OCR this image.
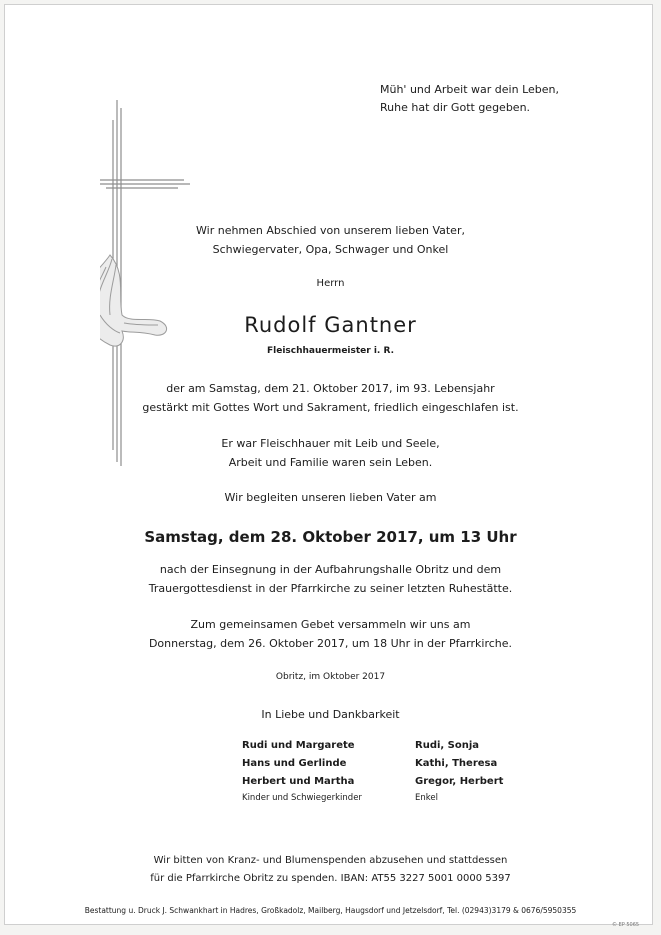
Müh' und Arbeit war dein Leben,
Ruhe hat dir Gott gegeben.
Wir nehmen Abschied von unserem lieben Vater,
Schwiegervater, Opa, Schwager und Onkel
Herrn
Rudolf Gantner
Fleischhauermeister i. R.
der am Samstag, dem 21. Oktober 2017, im 93. Lebensjahr
gestärkt mit Gottes Wort und Sakrament, friedlich eingeschlafen ist.
Er war Fleischhauer mit Leib und Seele,
Arbeit und Familie waren sein Leben.
Wir begleiten unseren lieben Vater am
Samstag, dem 28. Oktober 2017, um 13 Uhr
nach der Einsegnung in der Aufbahrungshalle Obritz und dem
Trauergottesdienst in der Pfarrkirche zu seiner letzten Ruhestätte.
Zum gemeinsamen Gebet versammeln wir uns am
Donnerstag, dem 26. Oktober 2017, um 18 Uhr in der Pfarrkirche.
Obritz, im Oktober 2017
In Liebe und Dankbarkeit
Rudi und Margarete
Hans und Gerlinde
Herbert und Martha
Kinder und Schwiegerkinder
Rudi, Sonja
Kathi, Theresa
Gregor, Herbert
Enkel
Wir bitten von Kranz- und Blumenspenden abzusehen und stattdessen
für die Pfarrkirche Obritz zu spenden. IBAN: AT55 3227 5001 0000 5397
Bestattung u. Druck J. Schwankhart in Hadres, Großkadolz, Mailberg, Haugsdorf und Jetzelsdorf, Tel. (02943)3179 & 0676/5950355
© EP 5065
